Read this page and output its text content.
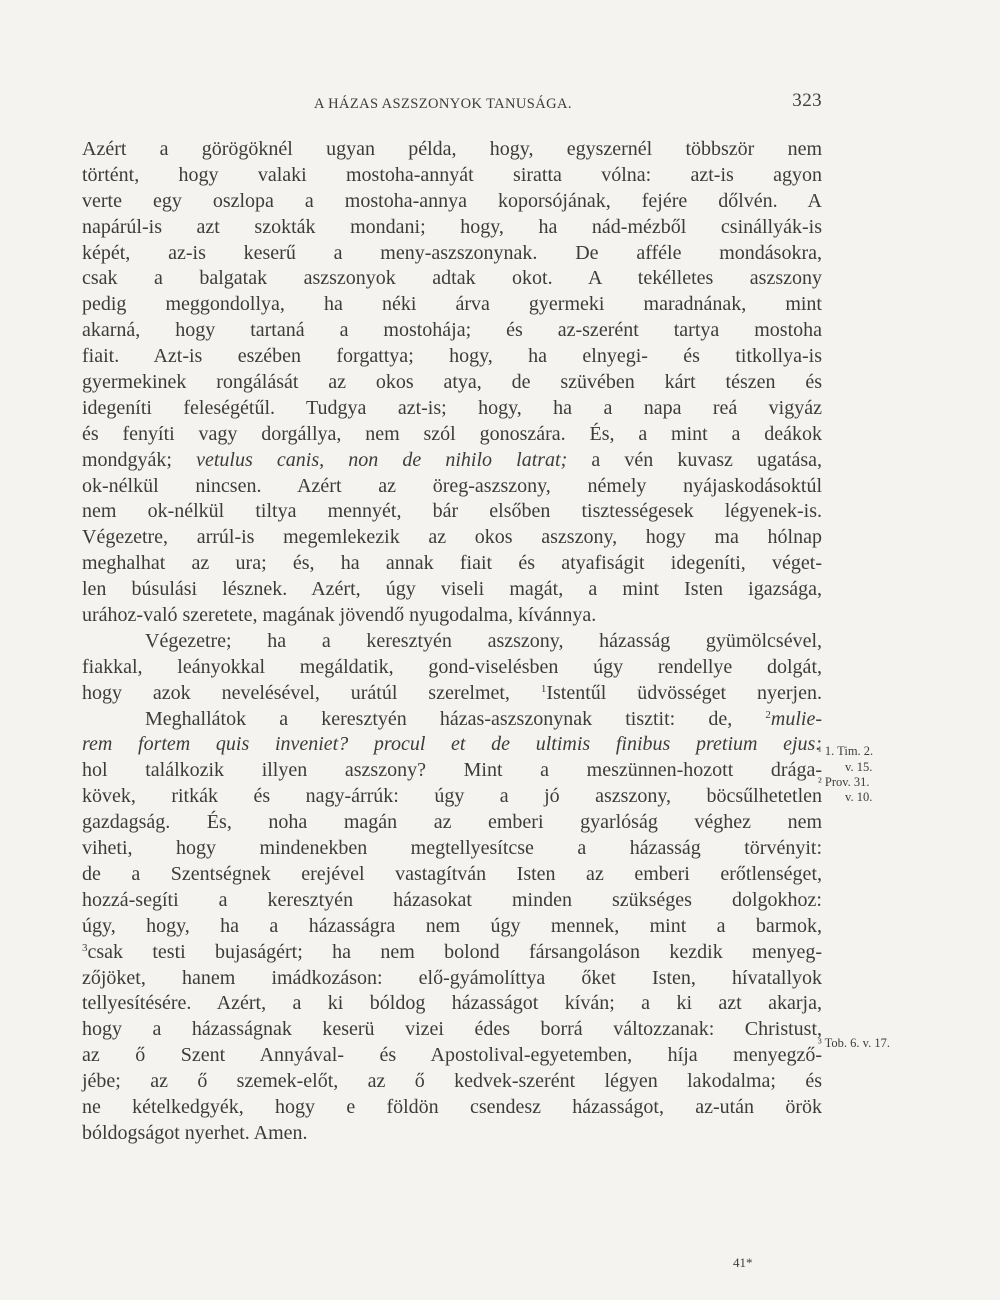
A HÁZAS ASZSZONYOK TANUSÁGA.	323
Azért a görögöknél ugyan példa, hogy, egyszernél többször nem
történt, hogy valaki mostoha-annyát siratta vólna: azt-is agyon
verte egy oszlopa a mostoha-annya koporsójának, fejére dőlvén. A
napárúl-is azt szokták mondani; hogy, ha nád-mézből csinállyák-is
képét, az-is keserű a meny-aszszonynak. De afféle mondásokra,
csak a balgatak aszszonyok adtak okot. A tekélletes aszszony
pedig meggondollya, ha néki árva gyermeki maradnának, mint
akarná, hogy tartaná a mostohája; és az-szerént tartya mostoha
fiait. Azt-is eszében forgattya; hogy, ha elnyegi- és titkollya-is
gyermekinek rongálását az okos atya, de szüvében kárt tészen és
idegeníti feleségétűl. Tudgya azt-is; hogy, ha a napa reá vigyáz
és fenyíti vagy dorgállya, nem szól gonoszára. És, a mint a deákok
mondgyák; vetulus canis, non de nihilo latrat; a vén kuvasz ugatása,
ok-nélkül nincsen. Azért az öreg-aszszony, némely nyájaskodásoktúl
nem ok-nélkül tiltya mennyét, bár elsőben tisztességesek légyenek-is.
Végezetre, arrúl-is megemlekezik az okos aszszony, hogy ma hólnap
meghalhat az ura; és, ha annak fiait és atyafiságit idegeníti, véget-
len búsulási lésznek. Azért, úgy viseli magát, a mint Isten igazsága,
urához-való szeretete, magának jövendő nyugodalma, kívánnya.
Végezetre; ha a keresztyén aszszony, házasság gyümölcsével,
fiakkal, leányokkal megáldatik, gond-viselésben úgy rendellye dolgát,
hogy azok nevelésével, urátúl szerelmet, $^1$Istentűl üdvösséget nyerjen.
Meghallátok a keresztyén házas-aszszonynak tisztit: de, $^2$mulie-
rem fortem quis inveniet? procul et de ultimis finibus pretium ejus:
hol találkozik illyen aszszony? Mint a meszünnen-hozott drága-
kövek, ritkák és nagy-árrúk: úgy a jó aszszony, böcsűlhetetlen
gazdagság. És, noha magán az emberi gyarlóság véghez nem
viheti, hogy mindenekben megtellyesítcse a házasság törvényit:
de a Szentségnek erejével vastagítván Isten az emberi erőtlenséget,
hozzá-segíti a keresztyén házasokat minden szükséges dolgokhoz:
úgy, hogy, ha a házasságra nem úgy mennek, mint a barmok,
$^3$csak testi bujaságért; ha nem bolond fársangoláson kezdik menyeg-
zőjöket, hanem imádkozáson: elő-gyámolíttya őket Isten, hívatallyok
tellyesítésére. Azért, a ki bóldog házasságot kíván; a ki azt akarja,
hogy a házasságnak keserü vizei édes borrá változzanak: Christust,
az ő Szent Annyával- és Apostolival-egyetemben, híja menyegző-
jébe; az ő szemek-előt, az ő kedvek-szerént légyen lakodalma; és
ne kételkedgyék, hogy e földön csendesz házasságot, az-után örök
bóldogságot nyerhet. Amen.
¹ 1. Tim. 2.
v. 15.
² Prov. 31.
v. 10.
³ Tob. 6. v. 17.
41*
